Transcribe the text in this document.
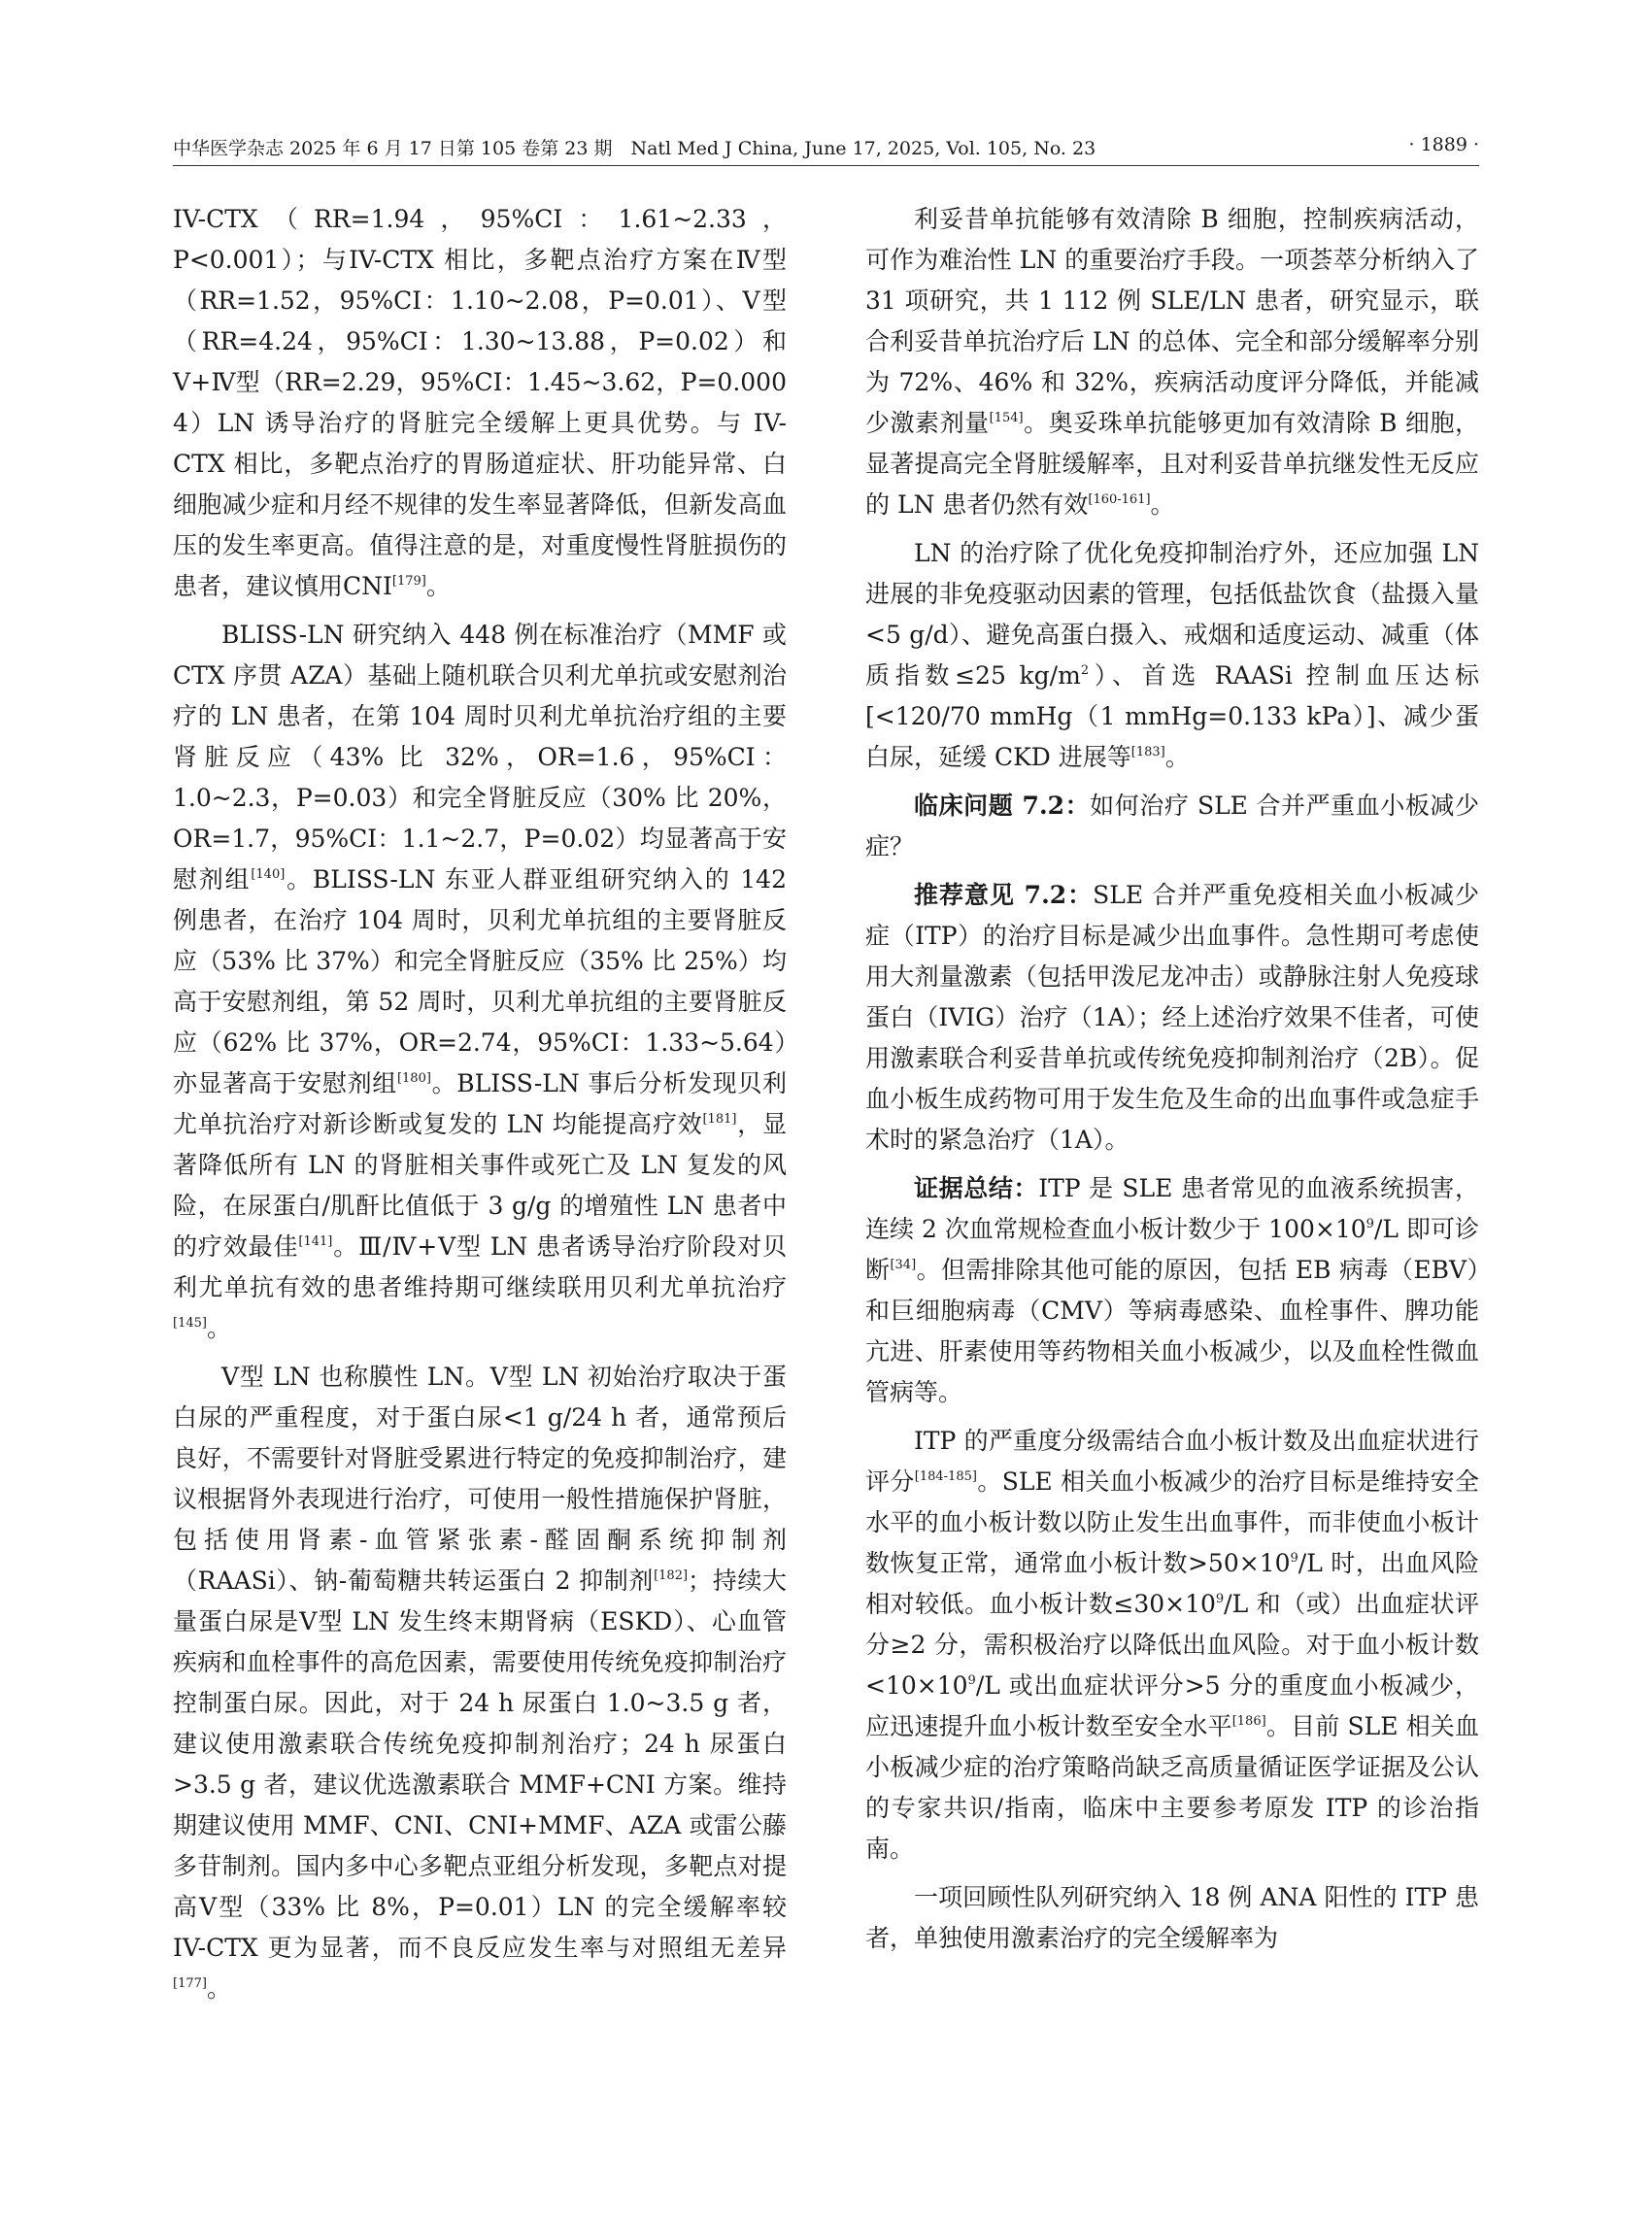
中华医学杂志 2025 年 6 月 17 日第 105 卷第 23 期　Natl Med J China, June 17, 2025, Vol. 105, No. 23	· 1889 ·

IV-CTX（RR=1.94，95%CI：1.61~2.33，P<0.001）；与IV-CTX 相比，多靶点治疗方案在Ⅳ型（RR=1.52，95%CI：1.10~2.08，P=0.01）、Ⅴ型（RR=4.24，95%CI：1.30~13.88，P=0.02）和Ⅴ+Ⅳ型（RR=2.29，95%CI：1.45~3.62，P=0.000 4）LN 诱导治疗的肾脏完全缓解上更具优势。与 IV-CTX 相比，多靶点治疗的胃肠道症状、肝功能异常、白细胞减少症和月经不规律的发生率显著降低，但新发高血压的发生率更高。值得注意的是，对重度慢性肾脏损伤的患者，建议慎用CNI[179]。

BLISS-LN 研究纳入 448 例在标准治疗（MMF 或 CTX 序贯 AZA）基础上随机联合贝利尤单抗或安慰剂治疗的 LN 患者，在第 104 周时贝利尤单抗治疗组的主要肾脏反应（43% 比 32%，OR=1.6，95%CI：1.0~2.3，P=0.03）和完全肾脏反应（30% 比 20%，OR=1.7，95%CI：1.1~2.7，P=0.02）均显著高于安慰剂组[140]。BLISS-LN 东亚人群亚组研究纳入的 142 例患者，在治疗 104 周时，贝利尤单抗组的主要肾脏反应（53% 比 37%）和完全肾脏反应（35% 比 25%）均高于安慰剂组，第 52 周时，贝利尤单抗组的主要肾脏反应（62% 比 37%，OR=2.74，95%CI：1.33~5.64）亦显著高于安慰剂组[180]。BLISS-LN 事后分析发现贝利尤单抗治疗对新诊断或复发的 LN 均能提高疗效[181]，显著降低所有 LN 的肾脏相关事件或死亡及 LN 复发的风险，在尿蛋白/肌酐比值低于 3 g/g 的增殖性 LN 患者中的疗效最佳[141]。Ⅲ/Ⅳ+Ⅴ型 LN 患者诱导治疗阶段对贝利尤单抗有效的患者维持期可继续联用贝利尤单抗治疗[145]。

Ⅴ型 LN 也称膜性 LN。Ⅴ型 LN 初始治疗取决于蛋白尿的严重程度，对于蛋白尿<1 g/24 h 者，通常预后良好，不需要针对肾脏受累进行特定的免疫抑制治疗，建议根据肾外表现进行治疗，可使用一般性措施保护肾脏，包括使用肾素-血管紧张素-醛固酮系统抑制剂（RAASi）、钠-葡萄糖共转运蛋白 2 抑制剂[182]；持续大量蛋白尿是Ⅴ型 LN 发生终末期肾病（ESKD）、心血管疾病和血栓事件的高危因素，需要使用传统免疫抑制治疗控制蛋白尿。因此，对于 24 h 尿蛋白 1.0~3.5 g 者，建议使用激素联合传统免疫抑制剂治疗；24 h 尿蛋白>3.5 g 者，建议优选激素联合 MMF+CNI 方案。维持期建议使用 MMF、CNI、CNI+MMF、AZA 或雷公藤多苷制剂。国内多中心多靶点亚组分析发现，多靶点对提高Ⅴ型（33% 比 8%，P=0.01）LN 的完全缓解率较 IV-CTX 更为显著，而不良反应发生率与对照组无差异[177]。

利妥昔单抗能够有效清除 B 细胞，控制疾病活动，可作为难治性 LN 的重要治疗手段。一项荟萃分析纳入了 31 项研究，共 1 112 例 SLE/LN 患者，研究显示，联合利妥昔单抗治疗后 LN 的总体、完全和部分缓解率分别为 72%、46% 和 32%，疾病活动度评分降低，并能减少激素剂量[154]。奥妥珠单抗能够更加有效清除 B 细胞，显著提高完全肾脏缓解率，且对利妥昔单抗继发性无反应的 LN 患者仍然有效[160-161]。

LN 的治疗除了优化免疫抑制治疗外，还应加强 LN 进展的非免疫驱动因素的管理，包括低盐饮食（盐摄入量<5 g/d）、避免高蛋白摄入、戒烟和适度运动、减重（体质指数≤25 $kg/m^2$）、首选 RAASi 控制血压达标[<120/70 mmHg（1 mmHg=0.133 kPa）]、减少蛋白尿，延缓 CKD 进展等[183]。

临床问题 7.2：如何治疗 SLE 合并严重血小板减少症？

推荐意见 7.2：SLE 合并严重免疫相关血小板减少症（ITP）的治疗目标是减少出血事件。急性期可考虑使用大剂量激素（包括甲泼尼龙冲击）或静脉注射人免疫球蛋白（IVIG）治疗（1A）；经上述治疗效果不佳者，可使用激素联合利妥昔单抗或传统免疫抑制剂治疗（2B）。促血小板生成药物可用于发生危及生命的出血事件或急症手术时的紧急治疗（1A）。

证据总结：ITP 是 SLE 患者常见的血液系统损害，连续 2 次血常规检查血小板计数少于 $100\times 10^9/L$ 即可诊断[34]。但需排除其他可能的原因，包括 EB 病毒（EBV）和巨细胞病毒（CMV）等病毒感染、血栓事件、脾功能亢进、肝素使用等药物相关血小板减少，以及血栓性微血管病等。

ITP 的严重度分级需结合血小板计数及出血症状进行评分[184-185]。SLE 相关血小板减少的治疗目标是维持安全水平的血小板计数以防止发生出血事件，而非使血小板计数恢复正常，通常血小板计数$>50\times 10^9/L$ 时，出血风险相对较低。血小板计数$\le 30\times 10^9/L$ 和（或）出血症状评分≥2 分，需积极治疗以降低出血风险。对于血小板计数$<10\times 10^9/L$ 或出血症状评分>5 分的重度血小板减少，应迅速提升血小板计数至安全水平[186]。目前 SLE 相关血小板减少症的治疗策略尚缺乏高质量循证医学证据及公认的专家共识/指南，临床中主要参考原发 ITP 的诊治指南。

一项回顾性队列研究纳入 18 例 ANA 阳性的 ITP 患者，单独使用激素治疗的完全缓解率为
